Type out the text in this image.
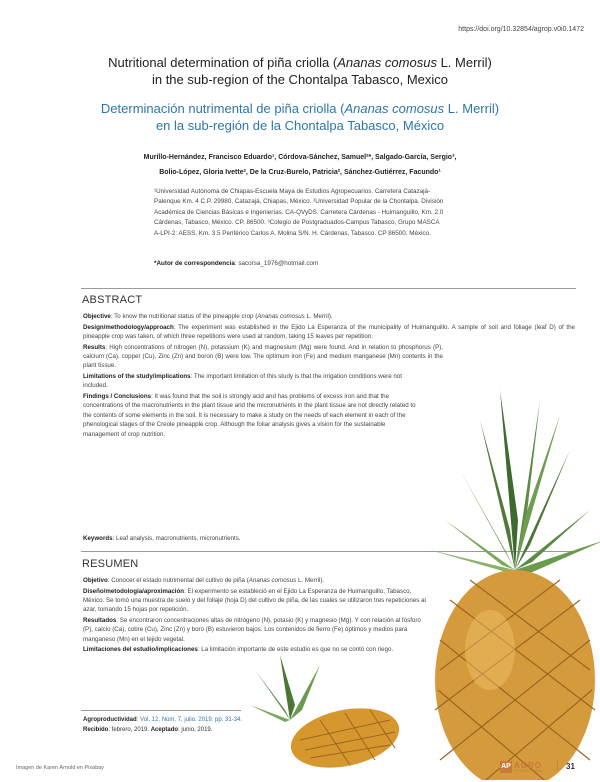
https://doi.org/10.32854/agrop.v0i0.1472
Nutritional determination of piña criolla (Ananas comosus L. Merril)
in the sub-region of the Chontalpa Tabasco, Mexico
Determinación nutrimental de piña criolla (Ananas comosus L. Merril)
en la sub-región de la Chontalpa Tabasco, México
Murillo-Hernández, Francisco Eduardo¹, Córdova-Sánchez, Samuel²*, Salgado-García, Sergio³,
Bolio-López, Gloria Ivette², De la Cruz-Burelo, Patricia², Sánchez-Gutiérrez, Facundo¹
¹Universidad Autónoma de Chiapas-Escuela Maya de Estudios Agropecuarios. Carretera Catazajá-Palenque Km. 4 C.P. 29980, Catazajá, Chiapas, México. ²Universidad Popular de la Chontalpa. División Académica de Ciencias Básicas e Ingenierías. CA-QVyDS. Carretera Cárdenas - Huimanguillo, Km. 2.0 Cárdenas, Tabasco, México. CP. 86500. ³Colegio de Postgraduados-Campus Tabasco, Grupo MASCA A-LPI-2: AESS. Km. 3.5 Periférico Carlos A. Molina S/N. H. Cárdenas, Tabasco. CP 86500. México.
*Autor de correspondencia: sacorsa_1976@hotmail.com
ABSTRACT

Objective: To know the nutritional status of the pineapple crop (Ananas comosus L. Merril).

Design/methodology/approach: The experiment was established in the Ejido La Esperanza of the municipality of Huimanguillo. A sample of soil and foliage (leaf D) of the pineapple crop was taken, of which three repetitions were used at random, taking 15 leaves per repetition.

Results: High concentrations of nitrogen (N), potassium (K) and magnesium (Mg) were found. And in relation to phosphorus (P), calcium (Ca), copper (Cu), Zinc (Zn) and boron (B) were low. The optimum iron (Fe) and medium manganese (Mn) contents in the plant tissue.

Limitations of the study/implications: The important limitation of this study is that the irrigation conditions were not included.

Findings / Conclusions: It was found that the soil is strongly acid and has problems of excess iron and that the concentrations of the macronutrients in the plant tissue and the micronutrients in the plant tissue are not directly related to the contents of some elements in the soil. It is necessary to make a study on the needs of each element in each of the phenological stages of the Creole pineapple crop. Although the foliar analysis gives a vision for the sustainable management of crop nutrition.

Keywords: Leaf analysis, macronutrients, micronutrients.
RESUMEN

Objetivo: Conocer el estado nutrimental del cultivo de piña (Ananas comosus L. Merril).

Diseño/metodología/aproximación: El experimento se estableció en el Ejido La Esperanza de Huimanguillo, Tabasco, México. Se tomó una muestra de suelo y del follaje (hoja D) del cultivo de piña, de las cuales se utilizaron tres repeticiones al azar, tomando 15 hojas por repetición.

Resultados: Se encontraron concentraciones altas de nitrógeno (N), potasio (K) y magnesio (Mg). Y con relación al fósforo (P), calcio (Ca), cobre (Cu), Zinc (Zn) y boro (B) estuvieron bajos. Los contenidos de fierro (Fe) óptimos y medios para manganeso (Mn) en el tejido vegetal.

Limitaciones del estudio/implicaciones: La limitación importante de este estudio es que no se contó con riego.

Agroproductividad: Vol. 12, Núm. 7, julio. 2019. pp: 31-34.
Recibido: febrero, 2019. Aceptado: junio, 2019.
Imagen de Karen Arnold en Pixabay	AP AGRO
PRODUCTIVIDAD | 31
